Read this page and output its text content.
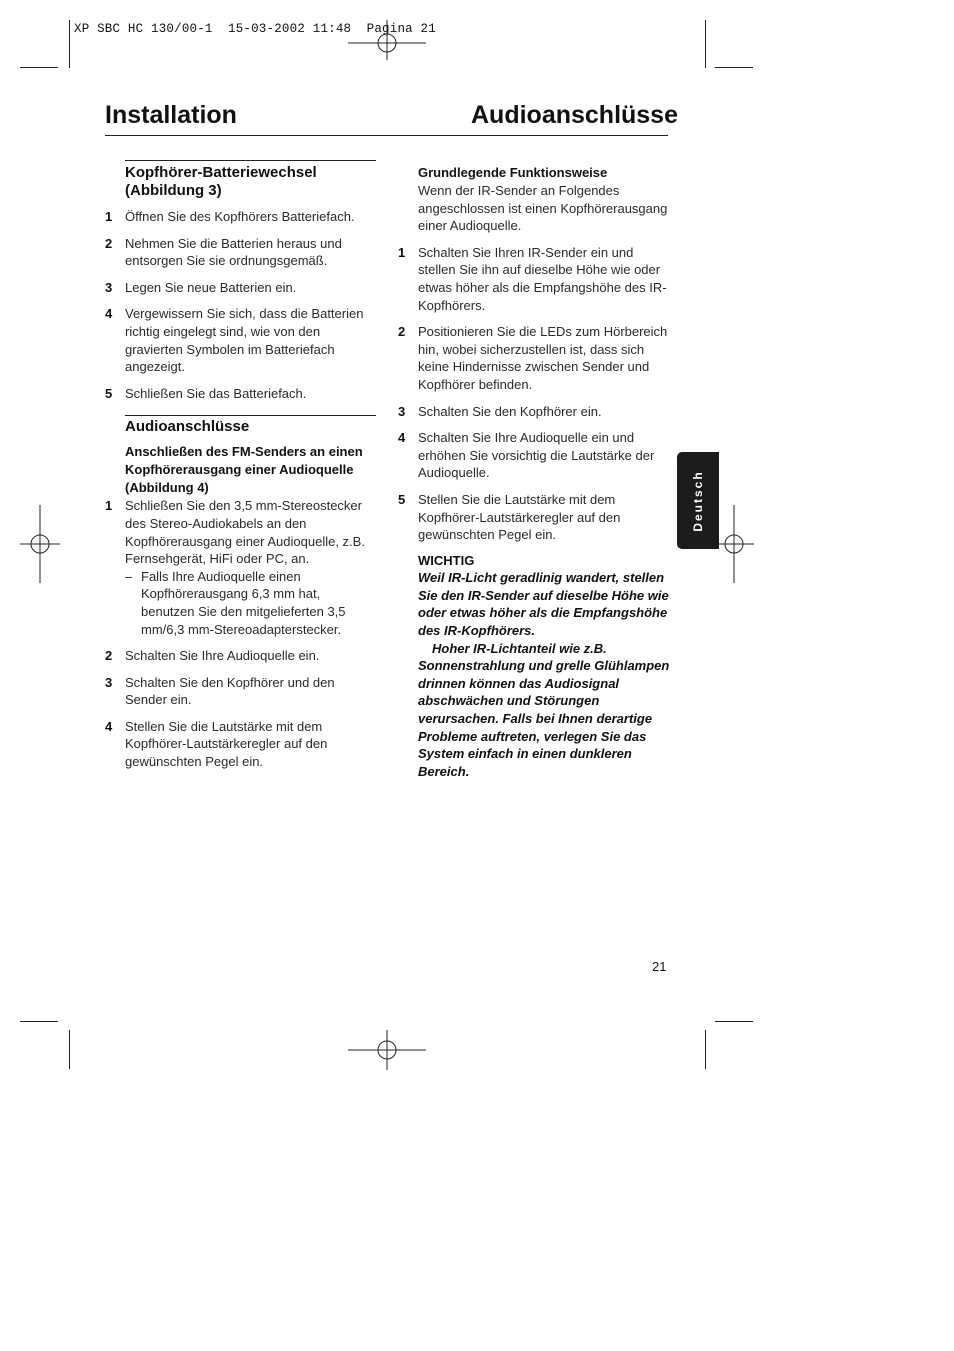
XP SBC HC 130/00-1  15-03-2002 11:48  Pagina 21
Installation	Audioanschlüsse
Kopfhörer-Batteriewechsel
(Abbildung 3)
1 Öffnen Sie des Kopfhörers Batteriefach.
2 Nehmen Sie die Batterien heraus und entsorgen Sie sie ordnungsgemäß.
3 Legen Sie neue Batterien ein.
4 Vergewissern Sie sich, dass die Batterien richtig eingelegt sind, wie von den gravierten Symbolen im Batteriefach angezeigt.
5 Schließen Sie das Batteriefach.
Audioanschlüsse
Anschließen des FM-Senders an einen Kopfhörerausgang einer Audioquelle (Abbildung 4)
1 Schließen Sie den 3,5 mm-Stereostecker des Stereo-Audiokabels an den Kopfhörerausgang einer Audioquelle, z.B. Fernsehgerät, HiFi oder PC, an.
– Falls Ihre Audioquelle einen Kopfhörerausgang 6,3 mm hat, benutzen Sie den mitgelieferten 3,5 mm/6,3 mm-Stereoadapterstecker.
2 Schalten Sie Ihre Audioquelle ein.
3 Schalten Sie den Kopfhörer und den Sender ein.
4 Stellen Sie die Lautstärke mit dem Kopfhörer-Lautstärkeregler auf den gewünschten Pegel ein.
Grundlegende Funktionsweise
Wenn der IR-Sender an Folgendes angeschlossen ist einen Kopfhörerausgang einer Audioquelle.
1 Schalten Sie Ihren IR-Sender ein und stellen Sie ihn auf dieselbe Höhe wie oder etwas höher als die Empfangshöhe des IR-Kopfhörers.
2 Positionieren Sie die LEDs zum Hörbereich hin, wobei sicherzustellen ist, dass sich keine Hindernisse zwischen Sender und Kopfhörer befinden.
3 Schalten Sie den Kopfhörer ein.
4 Schalten Sie Ihre Audioquelle ein und erhöhen Sie vorsichtig die Lautstärke der Audioquelle.
5 Stellen Sie die Lautstärke mit dem Kopfhörer-Lautstärkeregler auf den gewünschten Pegel ein.
WICHTIG
Weil IR-Licht geradlinig wandert, stellen Sie den IR-Sender auf dieselbe Höhe wie oder etwas höher als die Empfangshöhe des IR-Kopfhörers.
Hoher IR-Lichtanteil wie z.B. Sonnenstrahlung und grelle Glühlampen drinnen können das Audiosignal abschwächen und Störungen verursachen. Falls bei Ihnen derartige Probleme auftreten, verlegen Sie das System einfach in einen dunkleren Bereich.
Deutsch
21
